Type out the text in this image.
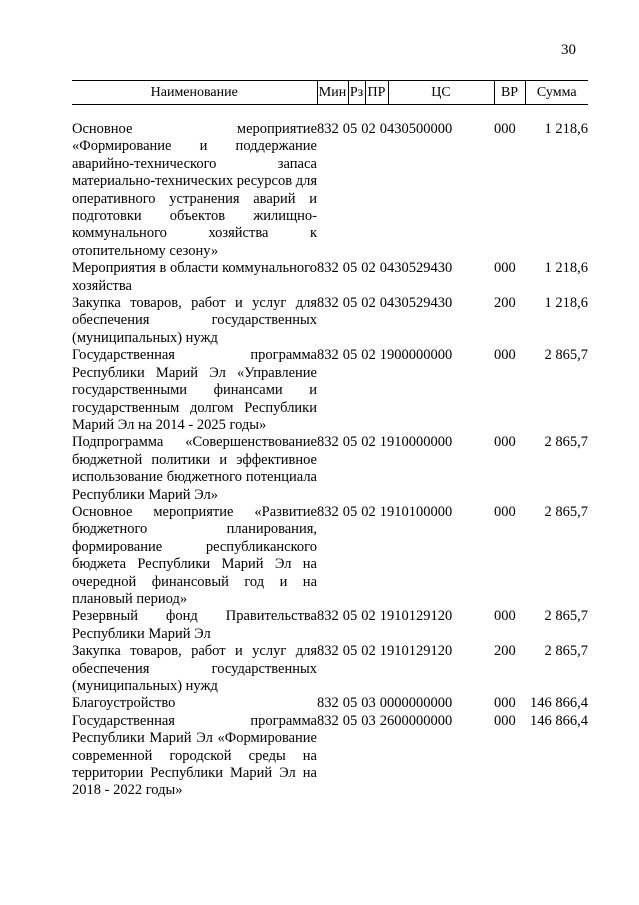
30
Наименование	Мин	Рз	ПР	ЦС	ВР	Сумма

Основное мероприятие «Формирование и поддержание аварийно-технического запаса материально-технических ресурсов для оперативного устранения аварий и подготовки объектов жилищно-коммунального хозяйства к отопительному сезону»	832 05 02 0430500000				000	1 218,6
Мероприятия в области коммунального хозяйства	832 05 02 0430529430				000	1 218,6
Закупка товаров, работ и услуг для обеспечения государственных (муниципальных) нужд	832 05 02 0430529430				200	1 218,6
Государственная программа Республики Марий Эл «Управление государственными финансами и государственным долгом Республики Марий Эл на 2014 - 2025 годы»	832 05 02 1900000000				000	2 865,7
Подпрограмма «Совершенствование бюджетной политики и эффективное использование бюджетного потенциала Республики Марий Эл»	832 05 02 1910000000				000	2 865,7
Основное мероприятие «Развитие бюджетного планирования, формирование республиканского бюджета Республики Марий Эл на очередной финансовый год и на плановый период»	832 05 02 1910100000				000	2 865,7
Резервный фонд Правительства Республики Марий Эл	832 05 02 1910129120				000	2 865,7
Закупка товаров, работ и услуг для обеспечения государственных (муниципальных) нужд	832 05 02 1910129120				200	2 865,7
Благоустройство	832 05 03 0000000000				000	146 866,4
Государственная программа Республики Марий Эл «Формирование современной городской среды на территории Республики Марий Эл на 2018 - 2022 годы»	832 05 03 2600000000				000	146 866,4
